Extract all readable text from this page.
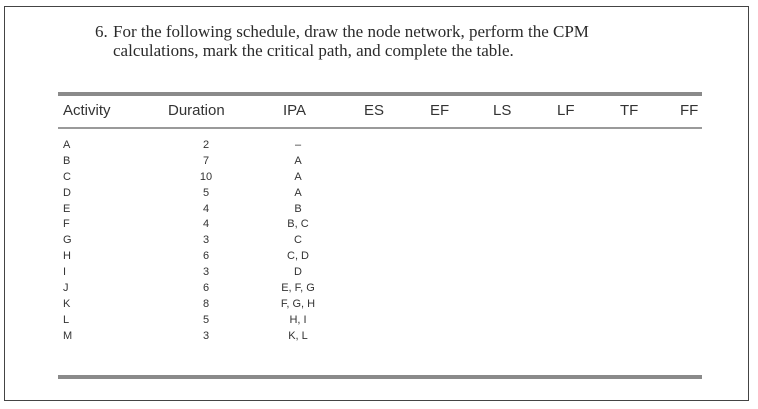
6. For the following schedule, draw the node network, perform the CPM
calculations, mark the critical path, and complete the table.
Activity	Duration	IPA	ES	EF	LS	LF	TF	FF
A	2	–
B	7	A
C	10	A
D	5	A
E	4	B
F	4	B, C
G	3	C
H	6	C, D
I	3	D
J	6	E, F, G
K	8	F, G, H
L	5	H, I
M	3	K, L
